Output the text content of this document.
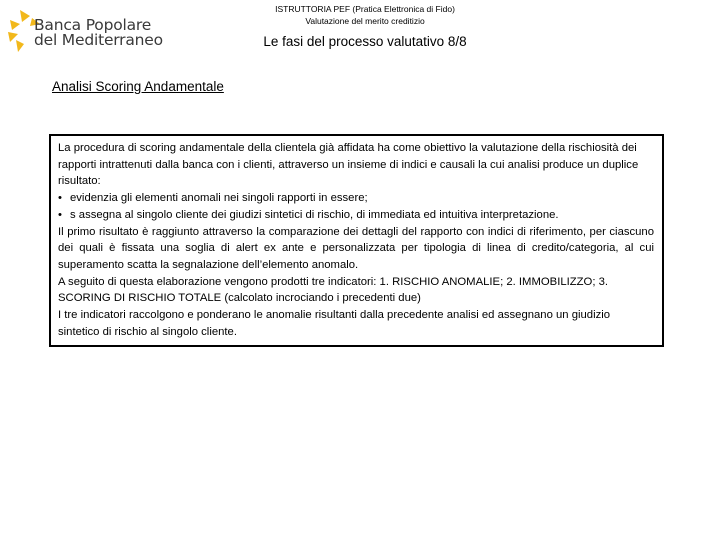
Banca Popolare
del Mediterraneo
ISTRUTTORIA PEF (Pratica Elettronica di Fido)
Valutazione del merito creditizio
Le fasi del processo valutativo 8/8
Analisi Scoring Andamentale

La procedura di scoring andamentale della clientela già affidata ha come obiettivo la valutazione della rischiosità dei rapporti intrattenuti dalla banca con i clienti, attraverso un insieme di indici e causali la cui analisi produce un duplice risultato:

• evidenzia gli elementi anomali nei singoli rapporti in essere;
• s assegna al singolo cliente dei giudizi sintetici di rischio, di immediata ed intuitiva interpretazione.

Il primo risultato è raggiunto attraverso la comparazione dei dettagli del rapporto con indici di riferimento, per ciascuno dei quali è fissata una soglia di alert ex ante e personalizzata per tipologia di linea di credito/categoria, al cui superamento scatta la segnalazione dell’elemento anomalo.

A seguito di questa elaborazione vengono prodotti tre indicatori: 1. RISCHIO ANOMALIE; 2. IMMOBILIZZO; 3. SCORING DI RISCHIO TOTALE (calcolato incrociando i precedenti due)

I tre indicatori raccolgono e ponderano le anomalie risultanti dalla precedente analisi ed assegnano un giudizio sintetico di rischio al singolo cliente.
